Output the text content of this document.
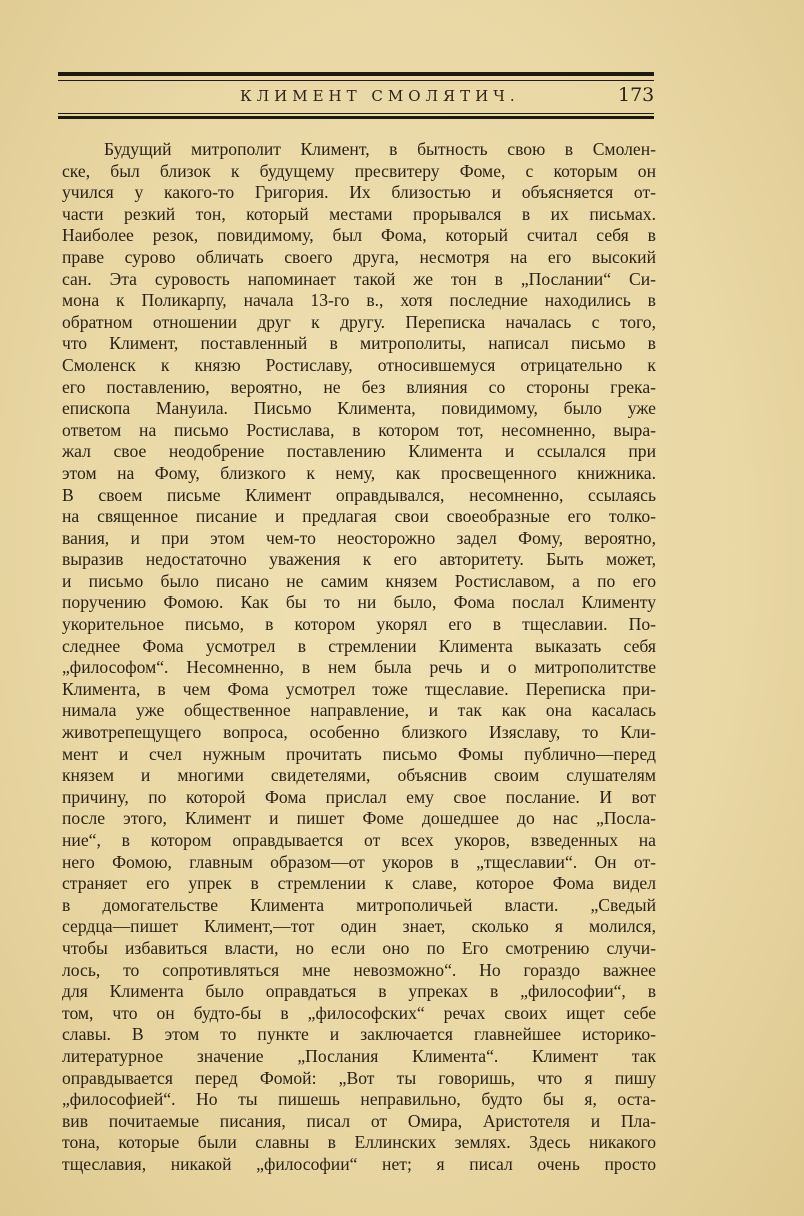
КЛИМЕНТ СМОЛЯТИЧ.	173
Будущий митрополит Климент, в бытность свою в Смолен-
ске, был близок к будущему пресвитеру Фоме, с которым он
учился у какого-то Григория. Их близостью и объясняется от-
части резкий тон, который местами прорывался в их письмах.
Наиболее резок, повидимому, был Фома, который считал себя в
праве сурово обличать своего друга, несмотря на его высокий
сан. Эта суровость напоминает такой же тон в „Послании“ Си-
мона к Поликарпу, начала 13-го в., хотя последние находились в
обратном отношении друг к другу. Переписка началась с того,
что Климент, поставленный в митрополиты, написал письмо в
Смоленск к князю Ростиславу, относившемуся отрицательно к
его поставлению, вероятно, не без влияния со стороны грека-
епископа Мануила. Письмо Климента, повидимому, было уже
ответом на письмо Ростислава, в котором тот, несомненно, выра-
жал свое неодобрение поставлению Климента и ссылался при
этом на Фому, близкого к нему, как просвещенного книжника.
В своем письме Климент оправдывался, несомненно, ссылаясь
на священное писание и предлагая свои своеобразные его толко-
вания, и при этом чем-то неосторожно задел Фому, вероятно,
выразив недостаточно уважения к его авторитету. Быть может,
и письмо было писано не самим князем Ростиславом, а по его
поручению Фомою. Как бы то ни было, Фома послал Клименту
укорительное письмо, в котором укорял его в тщеславии. По-
следнее Фома усмотрел в стремлении Климента выказать себя
„философом“. Несомненно, в нем была речь и о митрополитстве
Климента, в чем Фома усмотрел тоже тщеславие. Переписка при-
нимала уже общественное направление, и так как она касалась
животрепещущего вопроса, особенно близкого Изяславу, то Кли-
мент и счел нужным прочитать письмо Фомы публично—перед
князем и многими свидетелями, объяснив своим слушателям
причину, по которой Фома прислал ему свое послание. И вот
после этого, Климент и пишет Фоме дошедшее до нас „Посла-
ние“, в котором оправдывается от всех укоров, взведенных на
него Фомою, главным образом—от укоров в „тщеславии“. Он от-
страняет его упрек в стремлении к славе, которое Фома видел
в домогательстве Климента митрополичьей власти. „Сведый
сердца—пишет Климент,—тот один знает, сколько я молился,
чтобы избавиться власти, но если оно по Его смотрению случи-
лось, то сопротивляться мне невозможно“. Но гораздо важнее
для Климента было оправдаться в упреках в „философии“, в
том, что он будто-бы в „философских“ речах своих ищет себе
славы. В этом то пункте и заключается главнейшее историко-
литературное значение „Послания Климента“. Климент так
оправдывается перед Фомой: „Вот ты говоришь, что я пишу
„философией“. Но ты пишешь неправильно, будто бы я, оста-
вив почитаемые писания, писал от Омира, Аристотеля и Пла-
тона, которые были славны в Еллинских землях. Здесь никакого
тщеславия, никакой „философии“ нет; я писал очень просто
